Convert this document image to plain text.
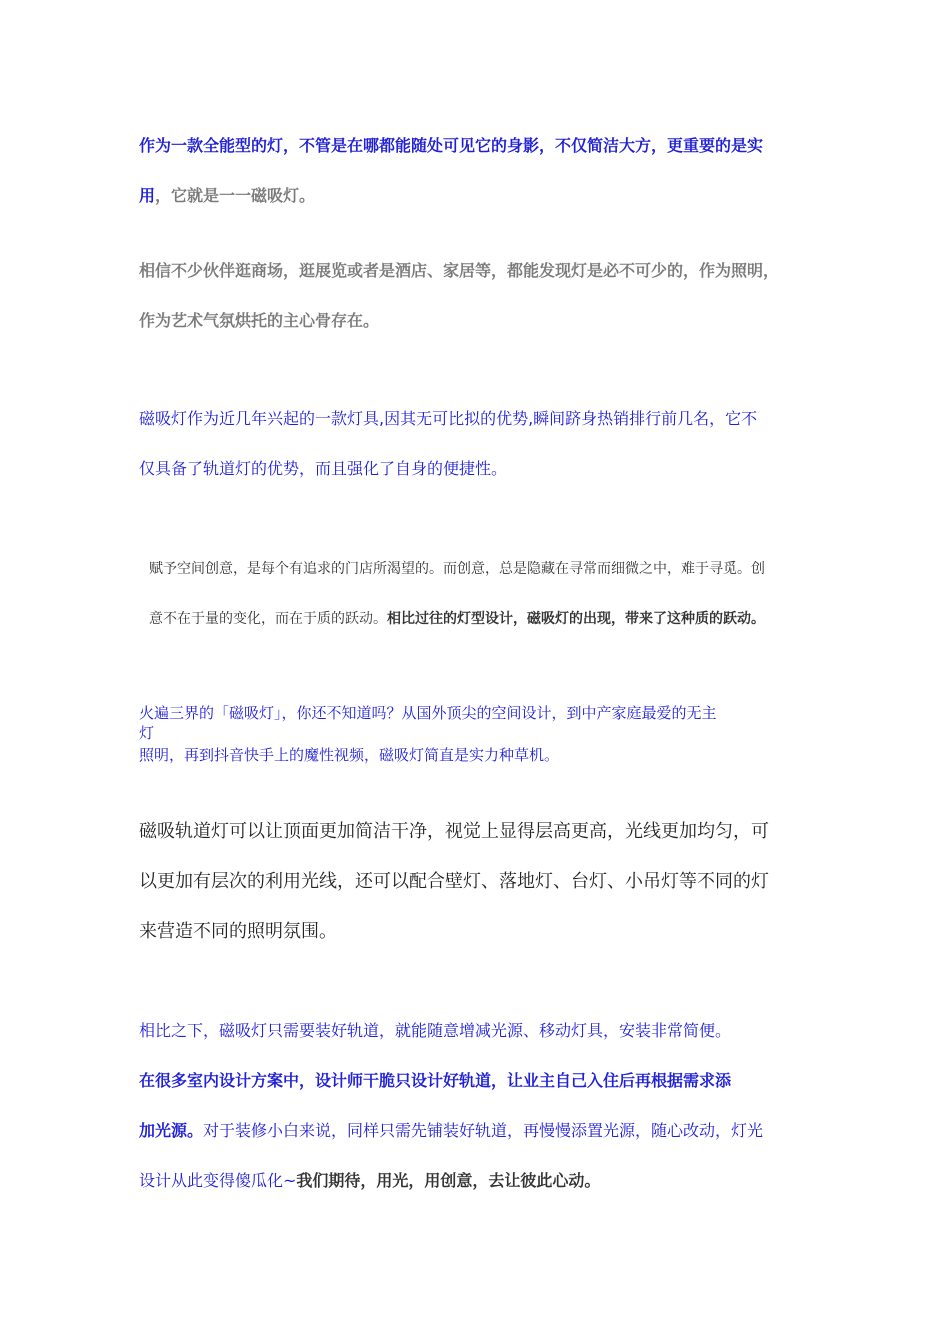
作为一款全能型的灯，不管是在哪都能随处可见它的身影，不仅简洁大方，更重要的是实
用，它就是一一磁吸灯。
相信不少伙伴逛商场，逛展览或者是酒店、家居等，都能发现灯是必不可少的，作为照明，
作为艺术气氛烘托的主心骨存在。
磁吸灯作为近几年兴起的一款灯具,因其无可比拟的优势,瞬间跻身热销排行前几名，它不
仅具备了轨道灯的优势，而且强化了自身的便捷性。
赋予空间创意，是每个有追求的门店所渴望的。而创意，总是隐藏在寻常而细微之中，难于寻觅。创
意不在于量的变化，而在于质的跃动。相比过往的灯型设计，磁吸灯的出现，带来了这种质的跃动。
火遍三界的「磁吸灯」，你还不知道吗？从国外顶尖的空间设计，到中产家庭最爱的无主
灯
照明，再到抖音快手上的魔性视频，磁吸灯简直是实力种草机。
磁吸轨道灯可以让顶面更加简洁干净，视觉上显得层高更高，光线更加均匀，可
以更加有层次的利用光线，还可以配合壁灯、落地灯、台灯、小吊灯等不同的灯
来营造不同的照明氛围。
相比之下，磁吸灯只需要装好轨道，就能随意增减光源、移动灯具，安装非常简便。
在很多室内设计方案中，设计师干脆只设计好轨道，让业主自己入住后再根据需求添
加光源。对于装修小白来说，同样只需先铺装好轨道，再慢慢添置光源，随心改动，灯光
设计从此变得傻瓜化~我们期待，用光，用创意，去让彼此心动。
